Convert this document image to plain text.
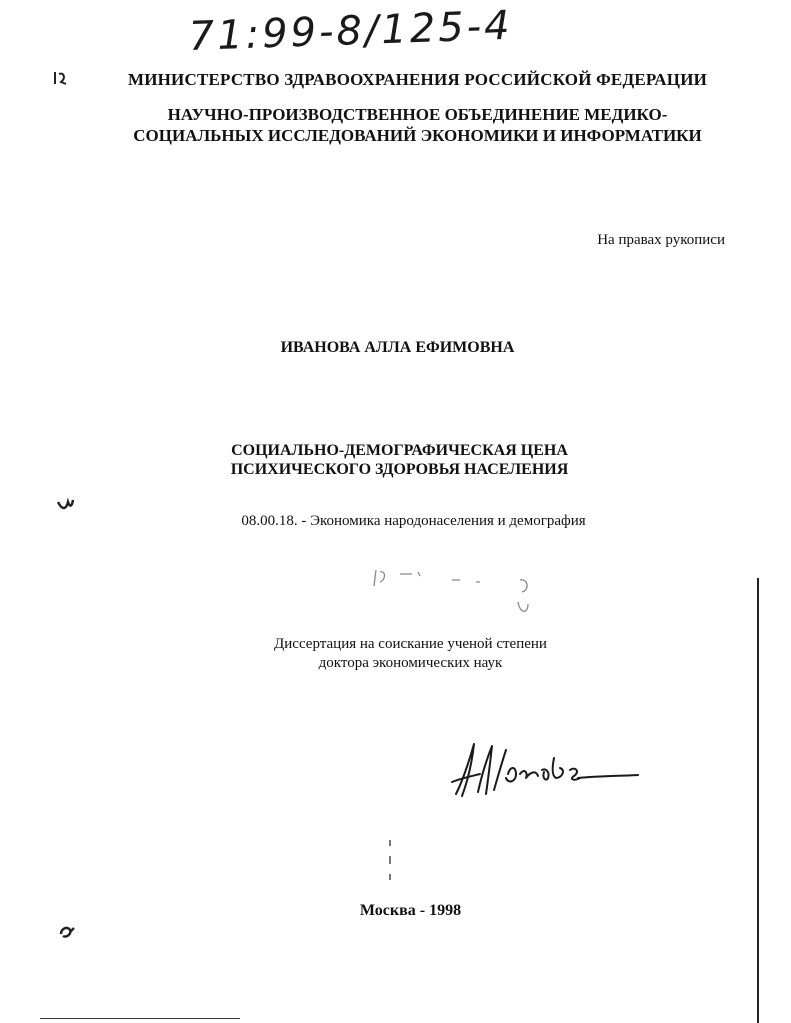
71:99-8/125-4
МИНИСТЕРСТВО ЗДРАВООХРАНЕНИЯ РОССИЙСКОЙ ФЕДЕРАЦИИ
НАУЧНО-ПРОИЗВОДСТВЕННОЕ ОБЪЕДИНЕНИЕ МЕДИКО-
СОЦИАЛЬНЫХ ИССЛЕДОВАНИЙ ЭКОНОМИКИ И ИНФОРМАТИКИ
На правах рукописи
ИВАНОВА АЛЛА ЕФИМОВНА
СОЦИАЛЬНО-ДЕМОГРАФИЧЕСКАЯ ЦЕНА
ПСИХИЧЕСКОГО ЗДОРОВЬЯ НАСЕЛЕНИЯ
08.00.18. - Экономика народонаселения и демография
Диссертация на соискание ученой степени
доктора экономических наук
Москва - 1998
